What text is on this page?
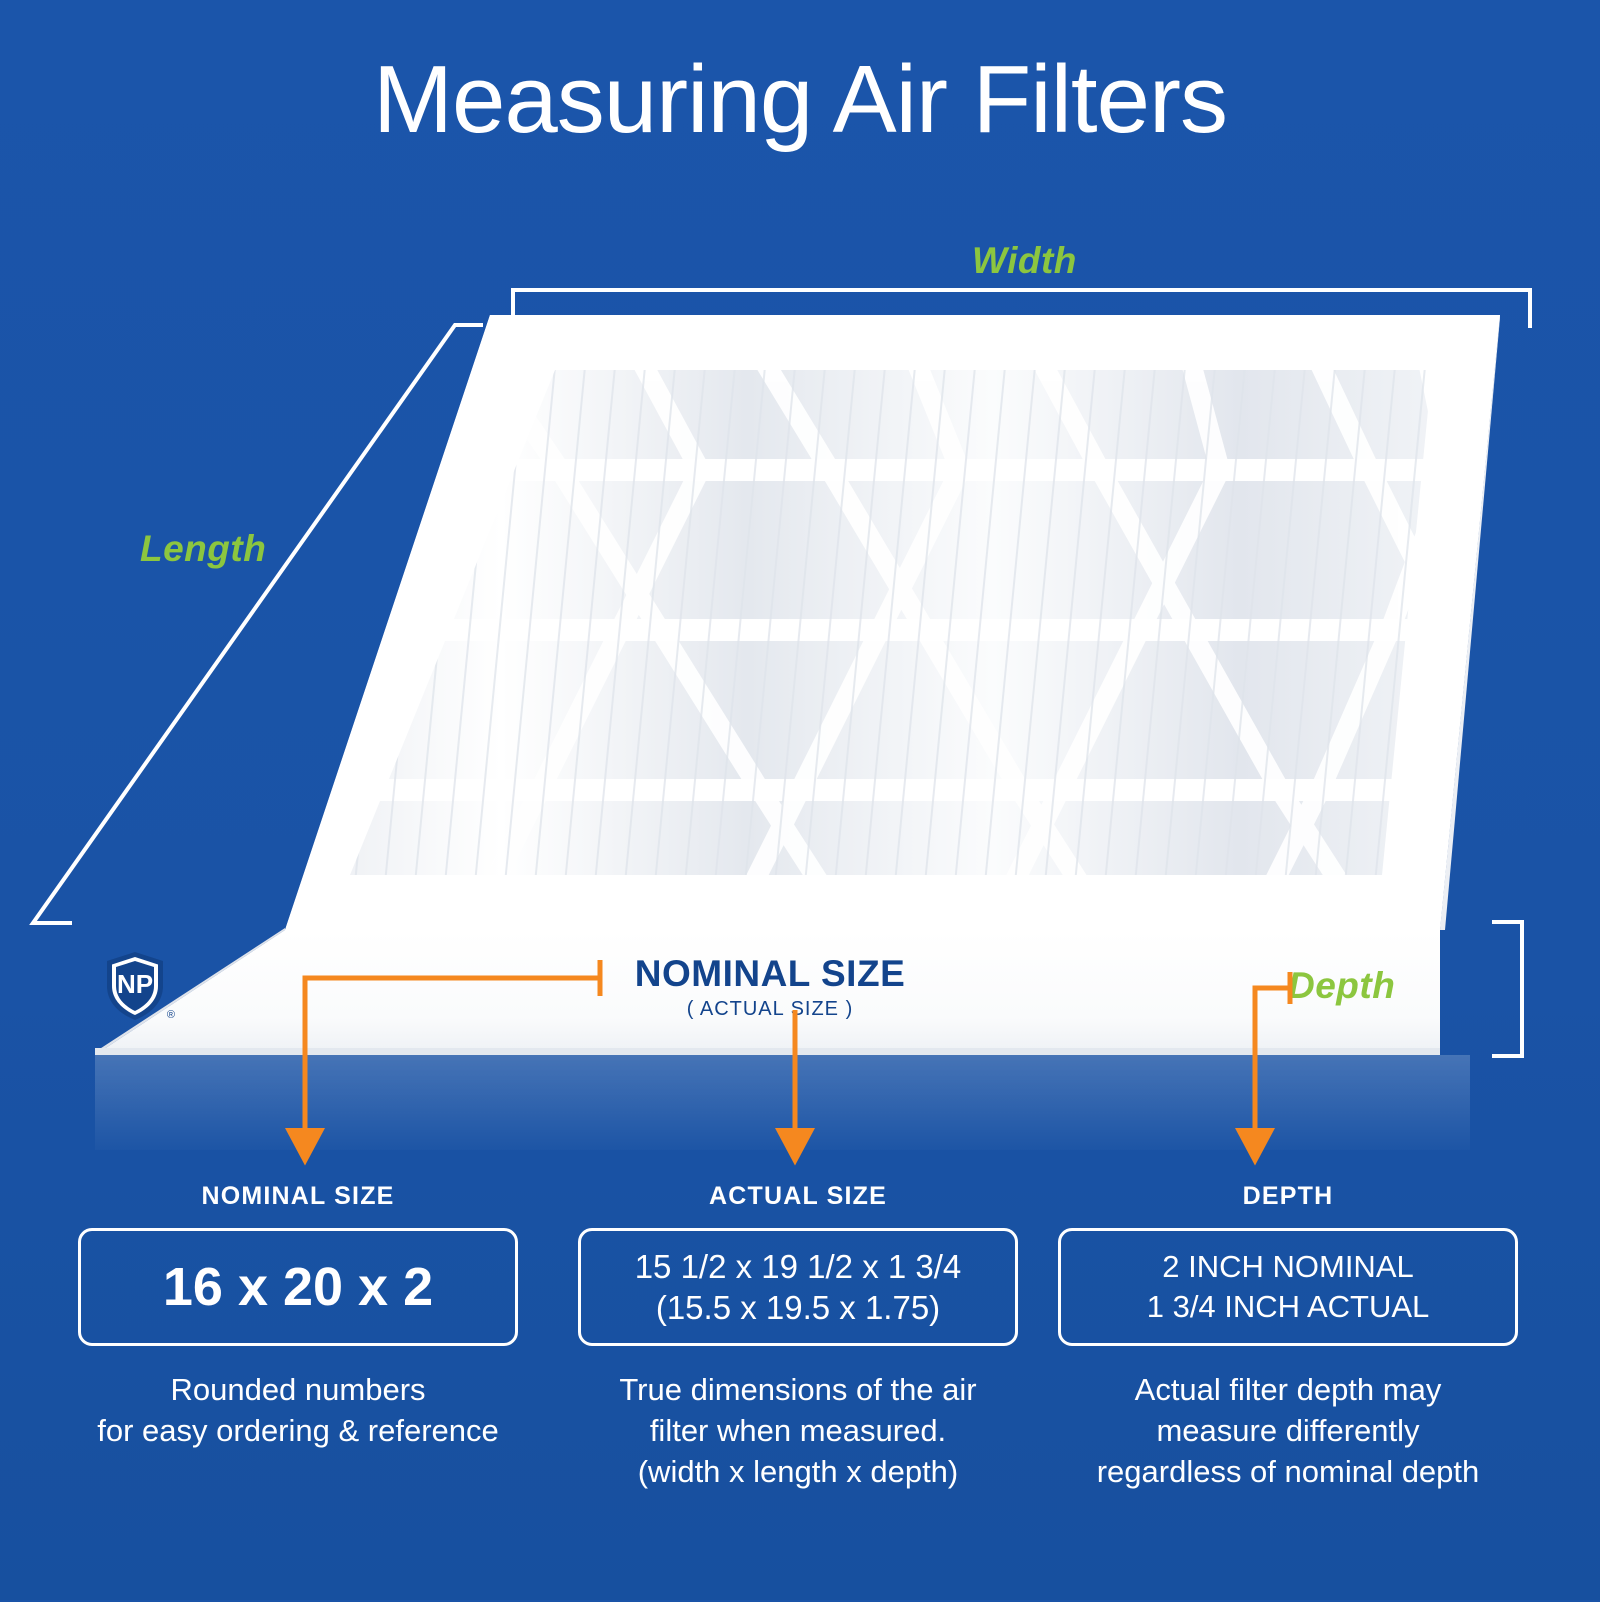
Measuring Air Filters
Width
Length
Depth
NOMINAL SIZE
( ACTUAL SIZE )
NP
®
NOMINAL SIZE
16 x 20 x 2
Rounded numbers
for easy ordering & reference
ACTUAL SIZE
15 1/2 x 19 1/2 x 1 3/4
(15.5 x 19.5 x 1.75)
True dimensions of the air
filter when measured.
(width x length x depth)
DEPTH
2 INCH NOMINAL
1 3/4 INCH ACTUAL
Actual filter depth may
measure differently
regardless of nominal depth
